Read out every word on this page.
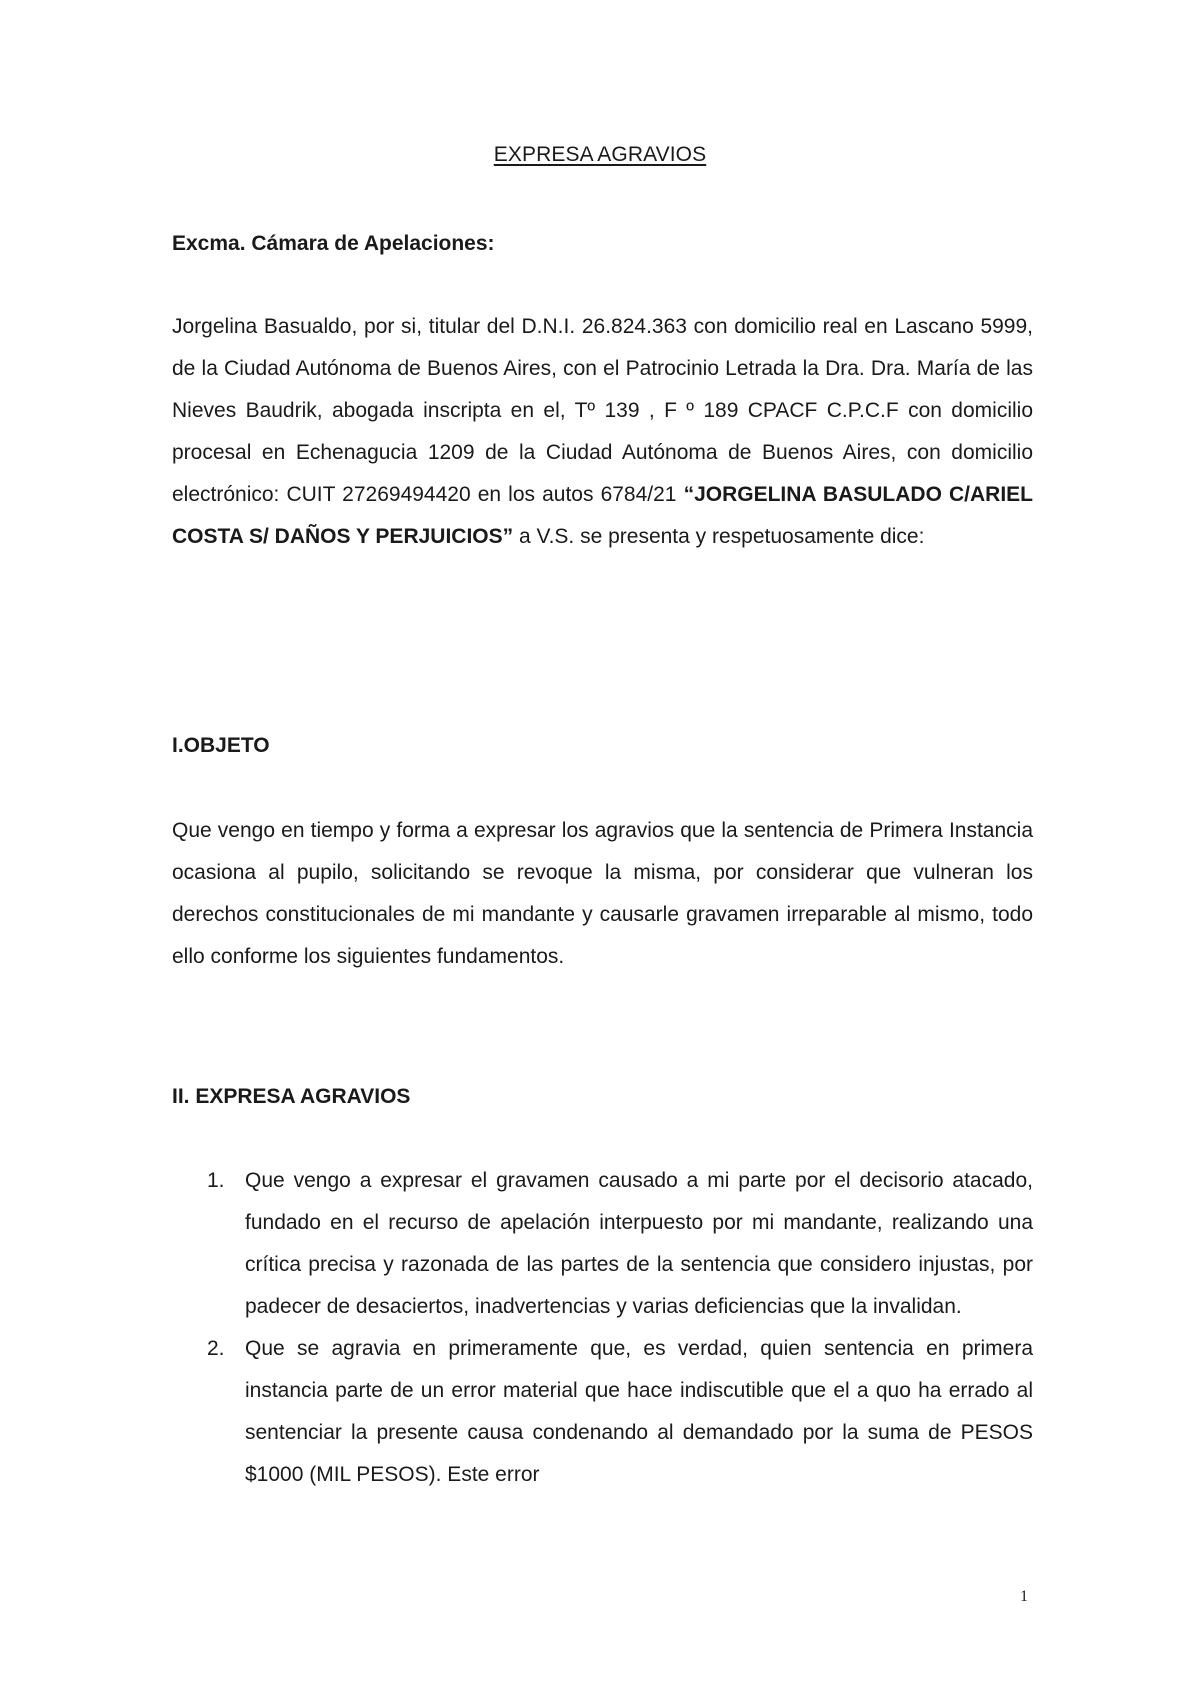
EXPRESA AGRAVIOS

Excma. Cámara de Apelaciones:

Jorgelina Basualdo, por si, titular del D.N.I. 26.824.363 con domicilio real en Lascano 5999, de la Ciudad Autónoma de Buenos Aires, con el Patrocinio Letrada la Dra. Dra. María de las Nieves Baudrik, abogada inscripta en el, Tº 139 , F º 189 CPACF C.P.C.F con domicilio procesal en Echenagucia 1209 de la Ciudad Autónoma de Buenos Aires, con domicilio electrónico: CUIT 27269494420 en los autos 6784/21 “JORGELINA BASULADO C/ARIEL COSTA S/ DAÑOS Y PERJUICIOS” a V.S. se presenta y respetuosamente dice:

I.OBJETO

Que vengo en tiempo y forma a expresar los agravios que la sentencia de Primera Instancia ocasiona al pupilo, solicitando se revoque la misma, por considerar que vulneran los derechos constitucionales de mi mandante y causarle gravamen irreparable al mismo, todo ello conforme los siguientes fundamentos.

II. EXPRESA AGRAVIOS

1. Que vengo a expresar el gravamen causado a mi parte por el decisorio atacado, fundado en el recurso de apelación interpuesto por mi mandante, realizando una crítica precisa y razonada de las partes de la sentencia que considero injustas, por padecer de desaciertos, inadvertencias y varias deficiencias que la invalidan.
2. Que se agravia en primeramente que, es verdad, quien sentencia en primera instancia parte de un error material que hace indiscutible que el a quo ha errado al sentenciar la presente causa condenando al demandado por la suma de PESOS $1000 (MIL PESOS). Este error
1
